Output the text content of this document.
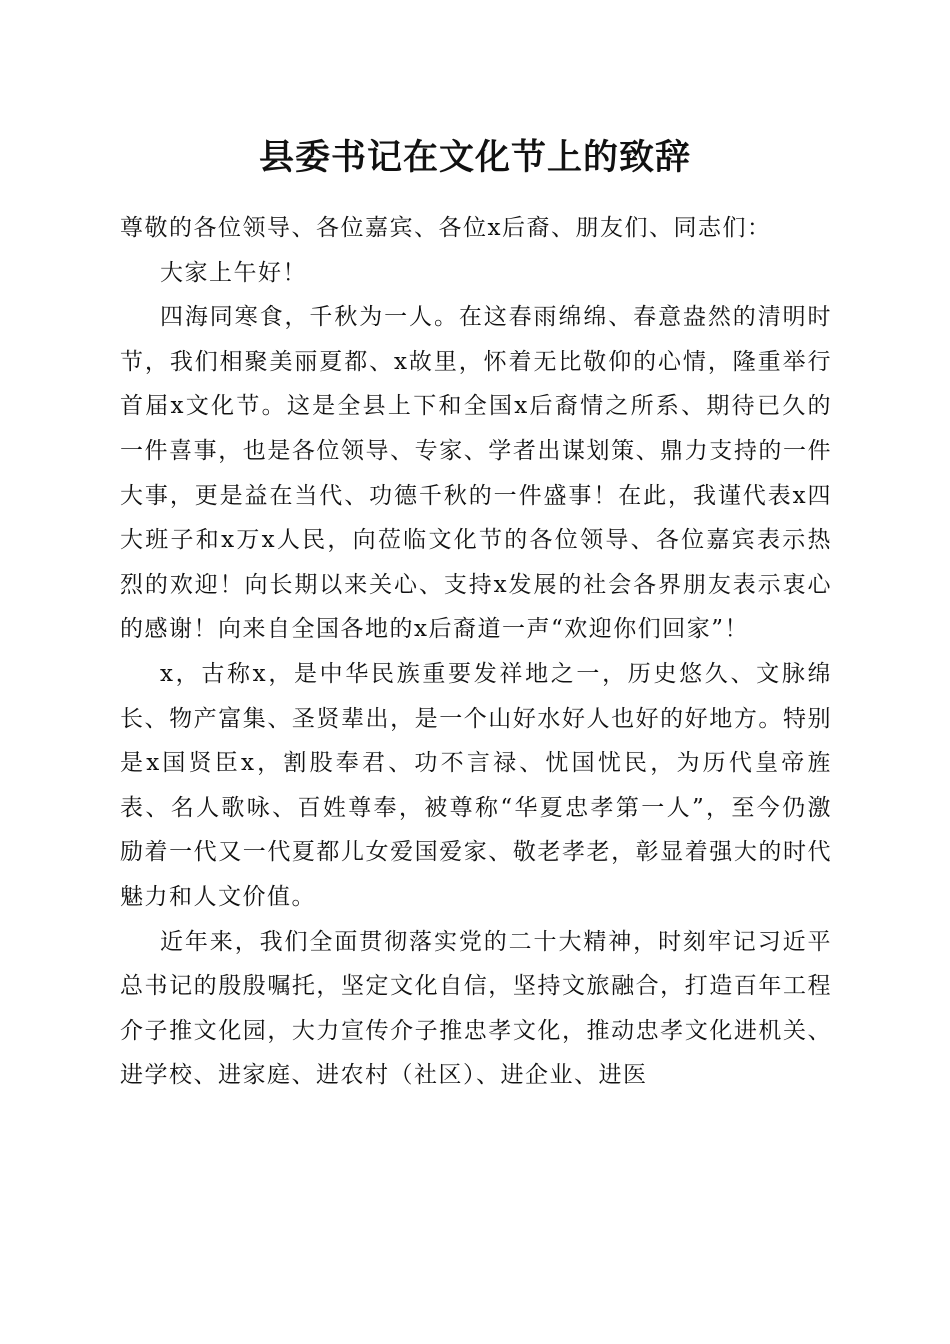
县委书记在文化节上的致辞

尊敬的各位领导、各位嘉宾、各位x后裔、朋友们、同志们：

大家上午好！

四海同寒食，千秋为一人。在这春雨绵绵、春意盎然的清明时节，我们相聚美丽夏都、x故里，怀着无比敬仰的心情，隆重举行首届x文化节。这是全县上下和全国x后裔情之所系、期待已久的一件喜事，也是各位领导、专家、学者出谋划策、鼎力支持的一件大事，更是益在当代、功德千秋的一件盛事！在此，我谨代表x四大班子和x万x人民，向莅临文化节的各位领导、各位嘉宾表示热烈的欢迎！向长期以来关心、支持x发展的社会各界朋友表示衷心的感谢！向来自全国各地的x后裔道一声“欢迎你们回家”！

x，古称x，是中华民族重要发祥地之一，历史悠久、文脉绵长、物产富集、圣贤辈出，是一个山好水好人也好的好地方。特别是x国贤臣x，割股奉君、功不言禄、忧国忧民，为历代皇帝旌表、名人歌咏、百姓尊奉，被尊称“华夏忠孝第一人”，至今仍激励着一代又一代夏都儿女爱国爱家、敬老孝老，彰显着强大的时代魅力和人文价值。

近年来，我们全面贯彻落实党的二十大精神，时刻牢记习近平总书记的殷殷嘱托，坚定文化自信，坚持文旅融合，打造百年工程介子推文化园，大力宣传介子推忠孝文化，推动忠孝文化进机关、进学校、进家庭、进农村（社区）、进企业、进医
